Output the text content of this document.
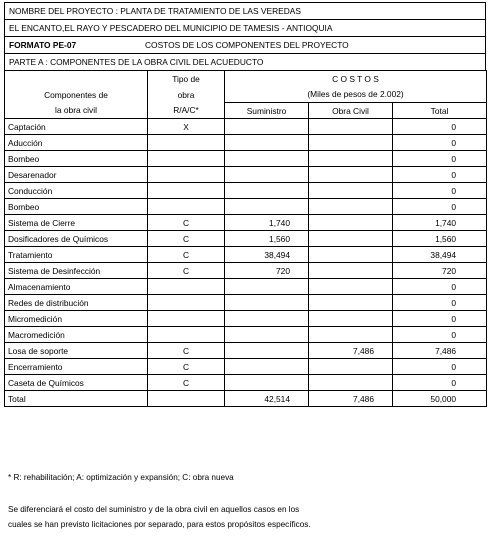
NOMBRE DEL PROYECTO : PLANTA DE TRATAMIENTO DE LAS VEREDAS
EL ENCANTO,EL RAYO Y PESCADERO DEL MUNICIPIO DE TAMESIS - ANTIOQUIA
FORMATO PE-07	COSTOS DE LOS COMPONENTES DEL PROYECTO
PARTE A : COMPONENTES DE LA OBRA CIVIL DEL ACUEDUCTO
	Tipo de	C O S T O S		
Componentes de	obra	(Miles de pesos de 2.002)		
la obra civil	R/A/C*	Suministro	Obra Civil	Total
Captación	X			0
Aducción				0
Bombeo				0
Desarenador				0
Conducción				0
Bombeo				0
Sistema de Cierre	C	1,740		1,740
Dosificadores de Químicos	C	1,560		1,560
Tratamiento	C	38,494		38,494
Sistema de Desinfección	C	720		720
Almacenamiento				0
Redes de distribución				0
Micromedición				0
Macromedición				0
Losa de soporte	C		7,486	7,486
Encerramiento	C			0
Caseta de Químicos	C			0
Total		42,514	7,486	50,000
* R: rehabilitación; A: optimización y expansión; C: obra nueva
Se diferenciará el costo del suministro y de la obra civil en aquellos casos en los
cuales se han previsto licitaciones por separado, para estos propósitos específicos.
